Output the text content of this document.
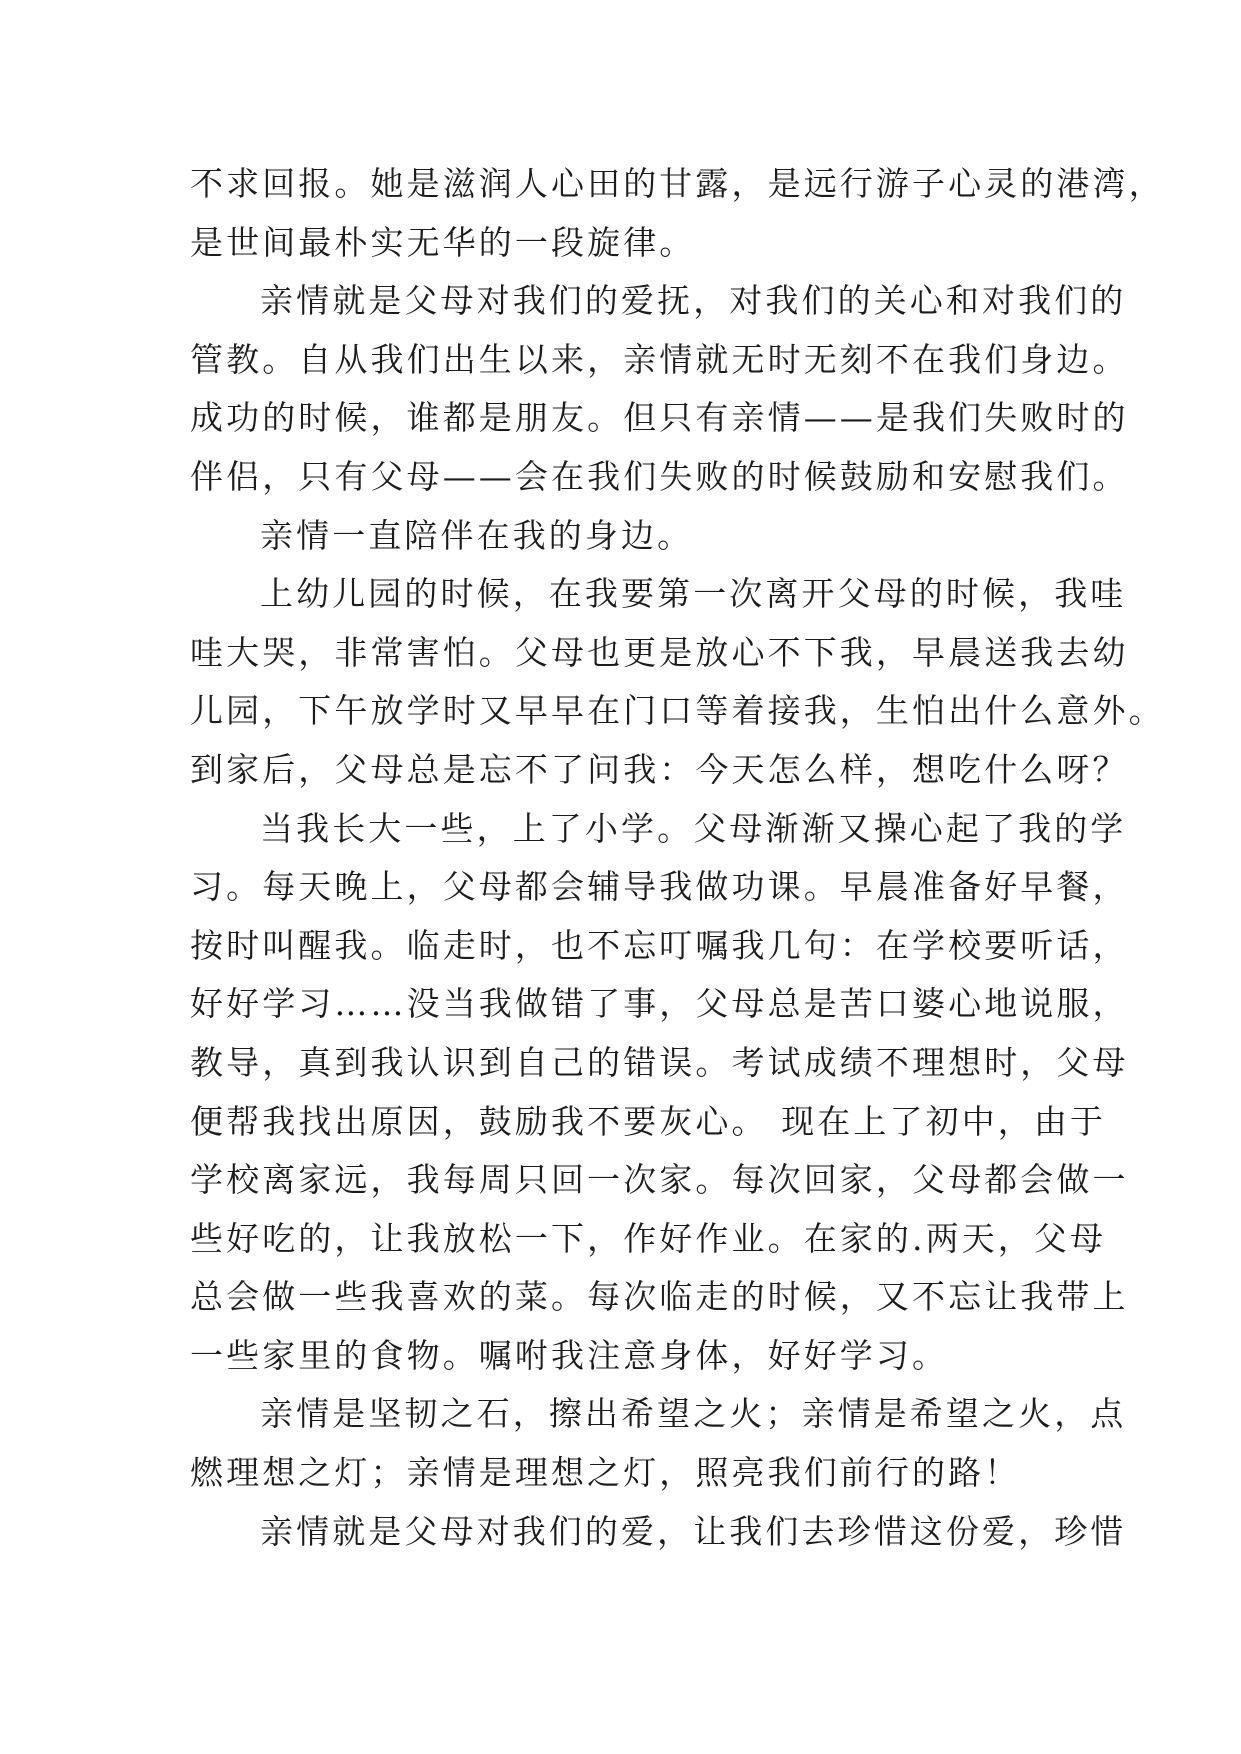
不求回报。她是滋润人心田的甘露，是远行游子心灵的港湾，
是世间最朴实无华的一段旋律。
亲情就是父母对我们的爱抚，对我们的关心和对我们的
管教。自从我们出生以来，亲情就无时无刻不在我们身边。
成功的时候，谁都是朋友。但只有亲情——是我们失败时的
伴侣，只有父母——会在我们失败的时候鼓励和安慰我们。
亲情一直陪伴在我的身边。
上幼儿园的时候，在我要第一次离开父母的时候，我哇
哇大哭，非常害怕。父母也更是放心不下我，早晨送我去幼
儿园，下午放学时又早早在门口等着接我，生怕出什么意外。
到家后，父母总是忘不了问我：今天怎么样，想吃什么呀？
当我长大一些，上了小学。父母渐渐又操心起了我的学
习。每天晚上，父母都会辅导我做功课。早晨准备好早餐，
按时叫醒我。临走时，也不忘叮嘱我几句：在学校要听话，
好好学习……没当我做错了事，父母总是苦口婆心地说服，
教导，真到我认识到自己的错误。考试成绩不理想时，父母
便帮我找出原因，鼓励我不要灰心。 现在上了初中，由于
学校离家远，我每周只回一次家。每次回家，父母都会做一
些好吃的，让我放松一下，作好作业。在家的.两天，父母
总会做一些我喜欢的菜。每次临走的时候，又不忘让我带上
一些家里的食物。嘱咐我注意身体，好好学习。
亲情是坚韧之石，擦出希望之火；亲情是希望之火，点
燃理想之灯；亲情是理想之灯，照亮我们前行的路！
亲情就是父母对我们的爱，让我们去珍惜这份爱，珍惜
